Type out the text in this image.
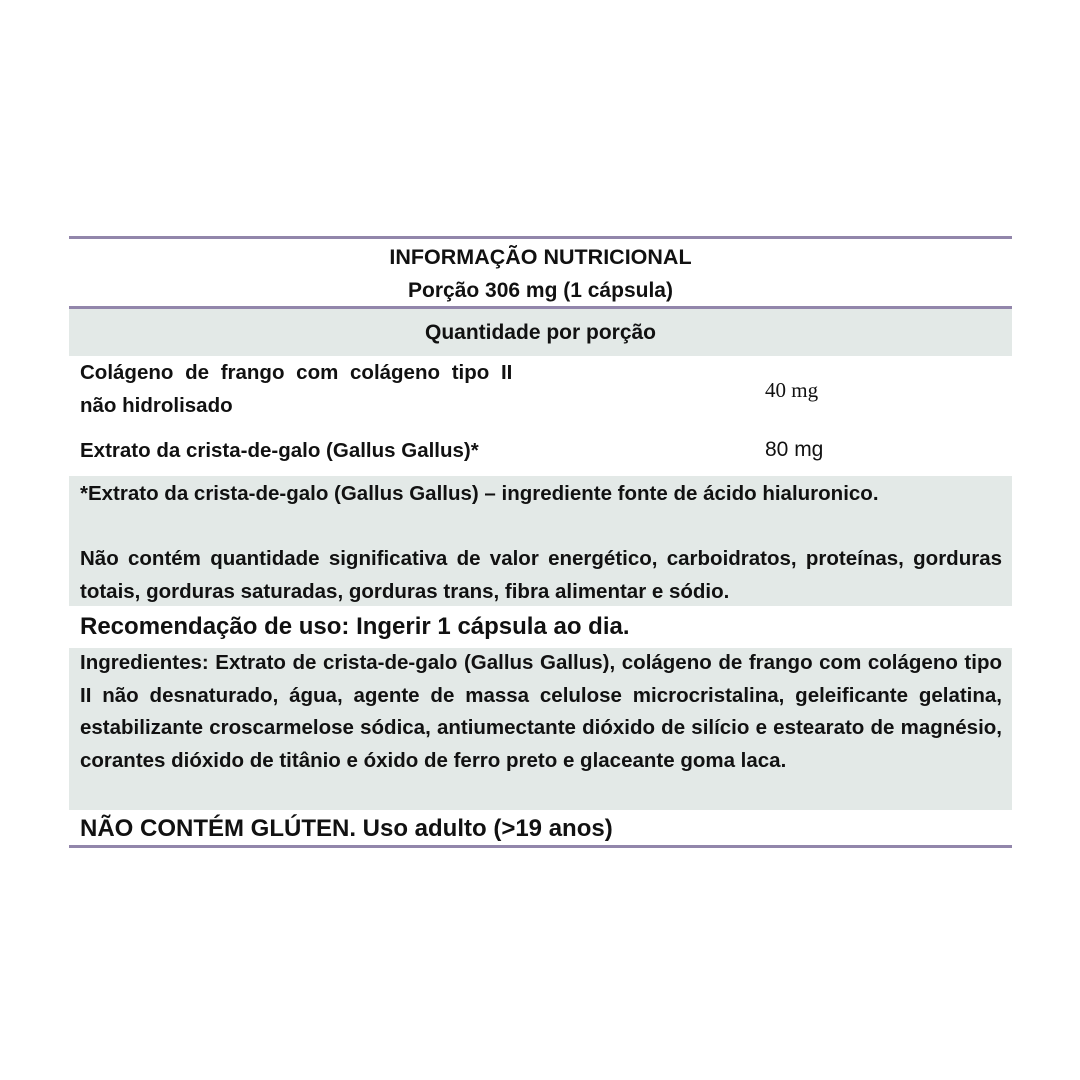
INFORMAÇÃO NUTRICIONAL
Porção 306 mg (1 cápsula)
Quantidade por porção
Colágeno de frango com colágeno tipo II
não hidrolisado
40 mg
Extrato da crista-de-galo (Gallus Gallus)*	80 mg
*Extrato da crista-de-galo (Gallus Gallus) – ingrediente fonte de ácido hialuronico.
Não contém quantidade significativa de valor energético, carboidratos, proteínas, gorduras totais, gorduras saturadas, gorduras trans, fibra alimentar e sódio.
Recomendação de uso: Ingerir 1 cápsula ao dia.
Ingredientes: Extrato de crista-de-galo (Gallus Gallus), colágeno de frango com colágeno tipo II não desnaturado, água, agente de massa celulose microcristalina, geleificante gelatina, estabilizante croscarmelose sódica, antiumectante dióxido de silício e estearato de magnésio, corantes dióxido de titânio e óxido de ferro preto e glaceante goma laca.
NÃO CONTÉM GLÚTEN. Uso adulto (>19 anos)
